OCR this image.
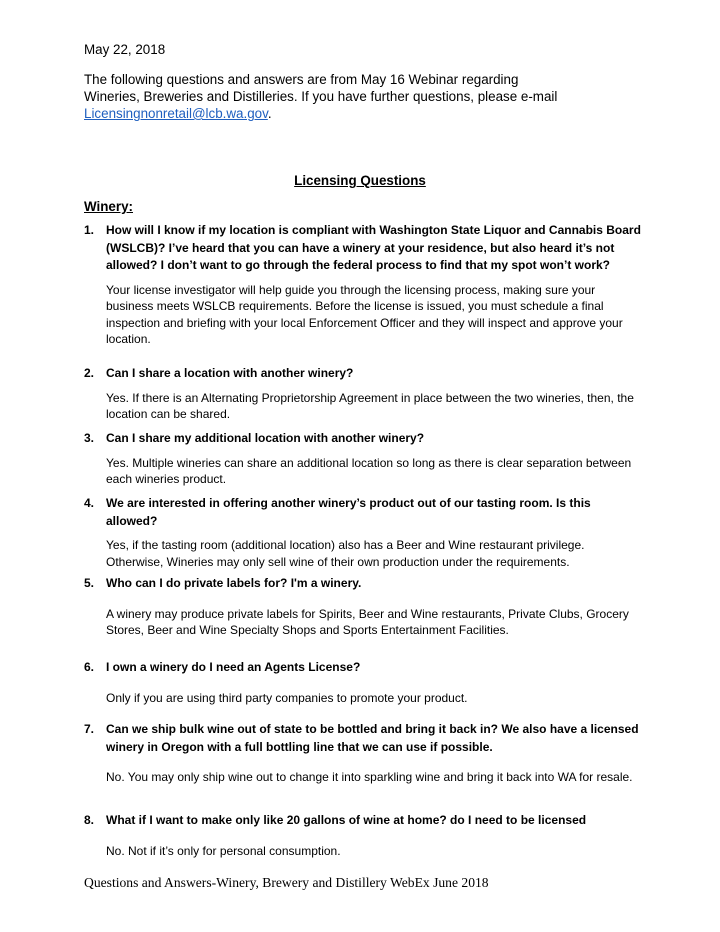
May 22, 2018
The following questions and answers are from May 16 Webinar regarding
Wineries, Breweries and Distilleries. If you have further questions, please e-mail
Licensingnonretail@lcb.wa.gov.
Licensing Questions
Winery:
1. How will I know if my location is compliant with Washington State Liquor and Cannabis Board (WSLCB)? I’ve heard that you can have a winery at your residence, but also heard it’s not allowed? I don’t want to go through the federal process to find that my spot won’t work?
Your license investigator will help guide you through the licensing process, making sure your business meets WSLCB requirements. Before the license is issued, you must schedule a final inspection and briefing with your local Enforcement Officer and they will inspect and approve your location.
2. Can I share a location with another winery?
Yes. If there is an Alternating Proprietorship Agreement in place between the two wineries, then, the location can be shared.
3. Can I share my additional location with another winery?
Yes. Multiple wineries can share an additional location so long as there is clear separation between each wineries product.
4. We are interested in offering another winery’s product out of our tasting room. Is this allowed?
Yes, if the tasting room (additional location) also has a Beer and Wine restaurant privilege. Otherwise, Wineries may only sell wine of their own production under the requirements.
5. Who can I do private labels for? I'm a winery.
A winery may produce private labels for Spirits, Beer and Wine restaurants, Private Clubs, Grocery Stores, Beer and Wine Specialty Shops and Sports Entertainment Facilities.
6. I own a winery do I need an Agents License?
Only if you are using third party companies to promote your product.
7. Can we ship bulk wine out of state to be bottled and bring it back in? We also have a licensed winery in Oregon with a full bottling line that we can use if possible.
No. You may only ship wine out to change it into sparkling wine and bring it back into WA for resale.
8. What if I want to make only like 20 gallons of wine at home? do I need to be licensed
No. Not if it’s only for personal consumption.
Questions and Answers-Winery, Brewery and Distillery WebEx June 2018
